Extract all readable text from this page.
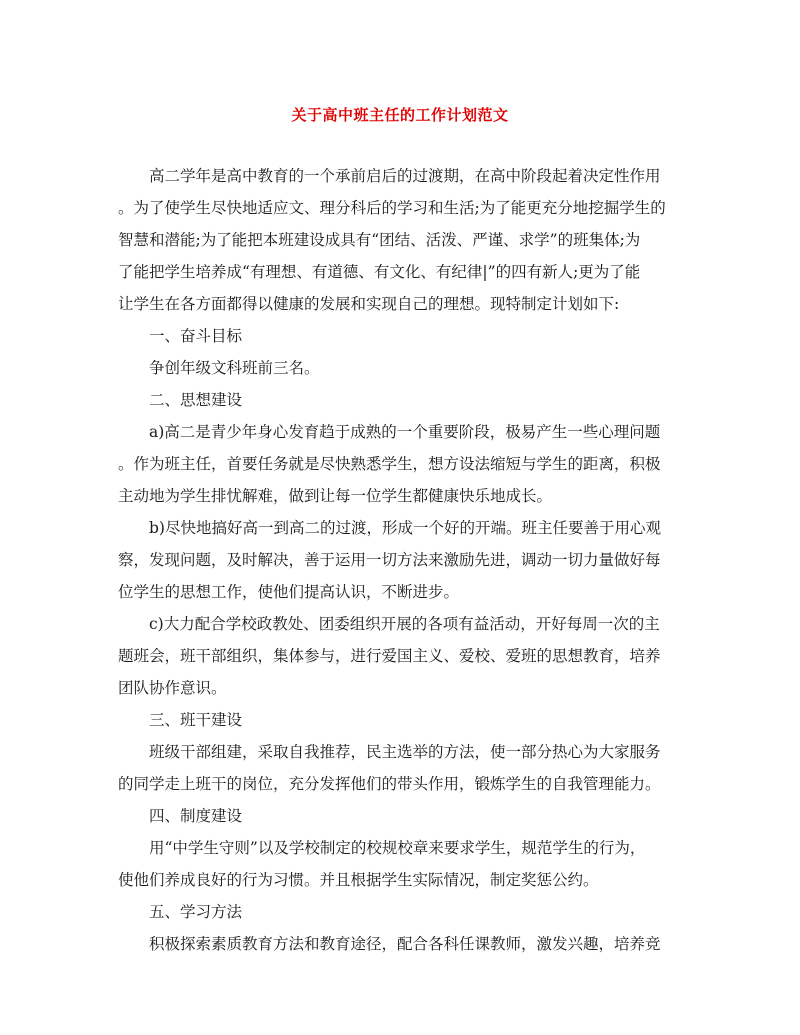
关于高中班主任的工作计划范文
高二学年是高中教育的一个承前启后的过渡期，在高中阶段起着决定性作用
。为了使学生尽快地适应文、理分科后的学习和生活;为了能更充分地挖掘学生的
智慧和潜能;为了能把本班建设成具有“团结、活泼、严谨、求学”的班集体;为
了能把学生培养成“有理想、有道德、有文化、有纪律|”的四有新人;更为了能
让学生在各方面都得以健康的发展和实现自己的理想。现特制定计划如下:
一、奋斗目标
争创年级文科班前三名。
二、思想建设
a)高二是青少年身心发育趋于成熟的一个重要阶段，极易产生一些心理问题
。作为班主任，首要任务就是尽快熟悉学生，想方设法缩短与学生的距离，积极
主动地为学生排忧解难，做到让每一位学生都健康快乐地成长。
b)尽快地搞好高一到高二的过渡，形成一个好的开端。班主任要善于用心观
察，发现问题，及时解决，善于运用一切方法来激励先进，调动一切力量做好每
位学生的思想工作，使他们提高认识，不断进步。
c)大力配合学校政教处、团委组织开展的各项有益活动，开好每周一次的主
题班会，班干部组织，集体参与，进行爱国主义、爱校、爱班的思想教育，培养
团队协作意识。
三、班干建设
班级干部组建，采取自我推荐，民主选举的方法，使一部分热心为大家服务
的同学走上班干的岗位，充分发挥他们的带头作用，锻炼学生的自我管理能力。
四、制度建设
用“中学生守则”以及学校制定的校规校章来要求学生，规范学生的行为，
使他们养成良好的行为习惯。并且根据学生实际情况，制定奖惩公约。
五、学习方法
积极探索素质教育方法和教育途径，配合各科任课教师，激发兴趣，培养竞
